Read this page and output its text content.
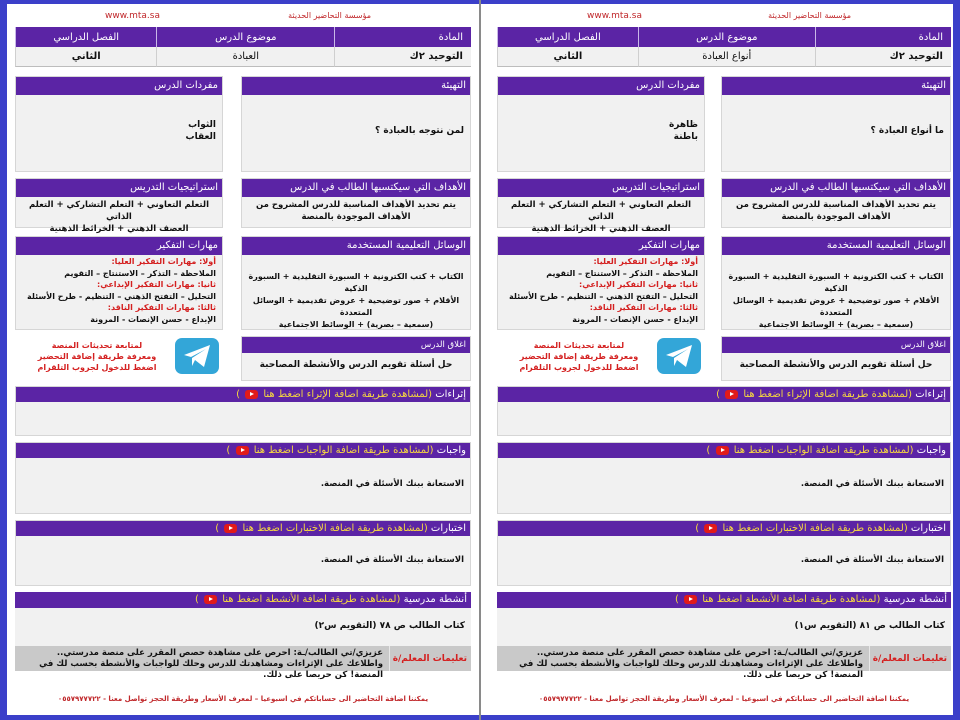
مؤسسة التحاضير الحديثة
www.mta.sa
المادة
موضوع الدرس
الفصل الدراسي
التوحيد ٢ك
العبادة
الثاني
التهيئة
لمن نتوجه بالعبادة ؟
مفردات الدرس
الثواب
العقاب
الأهداف التي سيكتسبها الطالب في الدرس
يتم تحديد الأهداف المناسبة للدرس المشروح من الأهداف الموجودة بالمنصة
استراتيجيات التدريس
التعلم التعاوني + التعلم التشاركي + التعلم الذاتي
العصف الذهني + الخرائط الذهنية
الوسائل التعليمية المستخدمة
الكتاب + كتب الكترونية + السبورة التقليدية + السبورة الذكية
الأقلام + صور توضيحية + عروض تقديمية + الوسائل المتعددة
(سمعية – بصرية) + الوسائط الاجتماعية
مهارات التفكير
أولا: مهارات التفكير العليا:
الملاحظة – التذكر – الاستنتاج – التقويم
ثانيا: مهارات التفكير الإبداعي:
التحليل – التفتح الذهني – التنظيم - طرح الأسئلة
ثالثا: مهارات التفكير الناقد:
الإبداع - حسن الإنصات - المرونة
لمتابعة تحديثات المنصة
ومعرفة طريقة إضافة التحضير
اضغط للدخول لجروب التلقرام
اغلاق الدرس
حل أسئلة تقويم الدرس والأنشطة المصاحبة
إثراءات (لمشاهدة طريقة اضافة الإثراء اضغط هنا  )
واجبات (لمشاهدة طريقة اضافة الواجبات اضغط هنا  )
الاستعانة ببنك الأسئلة في المنصة.
اختبارات (لمشاهدة طريقة اضافة الاختبارات اضغط هنا  )
الاستعانة ببنك الأسئلة في المنصة.
أنشطة مدرسية (لمشاهدة طريقة اضافة الأنشطة اضغط هنا  )
كتاب الطالب ص ٧٨ (التقويم س٢)
تعليمات المعلم/ة
عزيزي/تي الطالب/ـة: احرص على مشاهدة حصص المقرر على منصة مدرستي..
واطلاعك على الإثراءات ومشاهدتك للدرس وحلك للواجبات والأنشطة بحسب لك في المنصة! كن حريصا على ذلك.
يمكننا اضافة التحاضير الى حساباتكم في اسبوعيا – لمعرف الأسعار وطريقة الحجز تواصل معنا - ٠٥٥٧٩٧٧٧٢٢
مؤسسة التحاضير الحديثة
www.mta.sa
المادة
موضوع الدرس
الفصل الدراسي
التوحيد ٢ك
أنواع العبادة
الثاني
التهيئة
ما أنواع العبادة ؟
مفردات الدرس
ظاهرة
باطنة
الأهداف التي سيكتسبها الطالب في الدرس
يتم تحديد الأهداف المناسبة للدرس المشروح من الأهداف الموجودة بالمنصة
استراتيجيات التدريس
التعلم التعاوني + التعلم التشاركي + التعلم الذاتي
العصف الذهني + الخرائط الذهنية
الوسائل التعليمية المستخدمة
الكتاب + كتب الكترونية + السبورة التقليدية + السبورة الذكية
الأقلام + صور توضيحية + عروض تقديمية + الوسائل المتعددة
(سمعية – بصرية) + الوسائط الاجتماعية
مهارات التفكير
أولا: مهارات التفكير العليا:
الملاحظة – التذكر – الاستنتاج – التقويم
ثانيا: مهارات التفكير الإبداعي:
التحليل – التفتح الذهني – التنظيم - طرح الأسئلة
ثالثا: مهارات التفكير الناقد:
الإبداع - حسن الإنصات - المرونة
لمتابعة تحديثات المنصة
ومعرفة طريقة إضافة التحضير
اضغط للدخول لجروب التلقرام
اغلاق الدرس
حل أسئلة تقويم الدرس والأنشطة المصاحبة
إثراءات (لمشاهدة طريقة اضافة الإثراء اضغط هنا  )
واجبات (لمشاهدة طريقة اضافة الواجبات اضغط هنا  )
الاستعانة ببنك الأسئلة في المنصة.
اختبارات (لمشاهدة طريقة اضافة الاختبارات اضغط هنا  )
الاستعانة ببنك الأسئلة في المنصة.
أنشطة مدرسية (لمشاهدة طريقة اضافة الأنشطة اضغط هنا  )
كتاب الطالب ص ٨١ (التقويم س١)
تعليمات المعلم/ة
عزيزي/تي الطالب/ـة: احرص على مشاهدة حصص المقرر على منصة مدرستي..
واطلاعك على الإثراءات ومشاهدتك للدرس وحلك للواجبات والأنشطة بحسب لك في المنصة! كن حريصا على ذلك.
يمكننا اضافة التحاضير الى حساباتكم في اسبوعيا – لمعرف الأسعار وطريقة الحجز تواصل معنا - ٠٥٥٧٩٧٧٧٢٢
